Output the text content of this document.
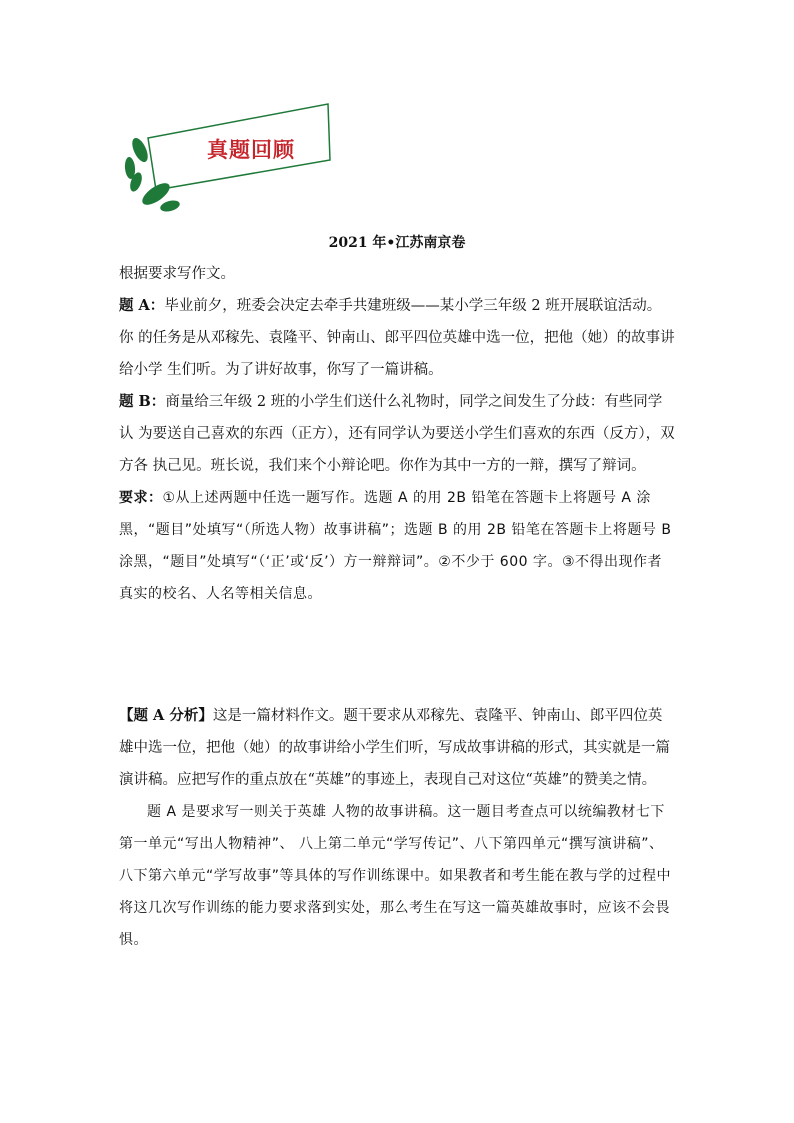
真题回顾
2021 年•江苏南京卷

根据要求写作文。

题 A：毕业前夕，班委会决定去牵手共建班级——某小学三年级 2 班开展联谊活动。你 的任务是从邓稼先、袁隆平、钟南山、郎平四位英雄中选一位，把他（她）的故事讲给小学 生们听。为了讲好故事，你写了一篇讲稿。

题 B：商量给三年级 2 班的小学生们送什么礼物时，同学之间发生了分歧：有些同学认 为要送自己喜欢的东西（正方），还有同学认为要送小学生们喜欢的东西（反方），双方各 执己见。班长说，我们来个小辩论吧。你作为其中一方的一辩，撰写了辩词。

要求：①从上述两题中任选一题写作。选题 A 的用 2B 铅笔在答题卡上将题号 A 涂黑，“题目”处填写“（所选人物）故事讲稿”；选题 B 的用 2B 铅笔在答题卡上将题号 B 涂黑，“题目”处填写“（‘正’或‘反’）方一辩辩词”。②不少于 600 字。③不得出现作者 真实的校名、人名等相关信息。

【题 A 分析】这是一篇材料作文。题干要求从邓稼先、袁隆平、钟南山、郎平四位英雄中选一位，把他（她）的故事讲给小学生们听，写成故事讲稿的形式，其实就是一篇演讲稿。应把写作的重点放在“英雄”的事迹上，表现自己对这位“英雄”的赞美之情。

题 A 是要求写一则关于英雄 人物的故事讲稿。这一题目考查点可以统编教材七下第一单元“写出人物精神”、 八上第二单元“学写传记”、八下第四单元“撰写演讲稿”、八下第六单元“学写故事”等具体的写作训练课中。如果教者和考生能在教与学的过程中将这几次写作训练的能力要求落到实处，那么考生在写这一篇英雄故事时，应该不会畏惧。
